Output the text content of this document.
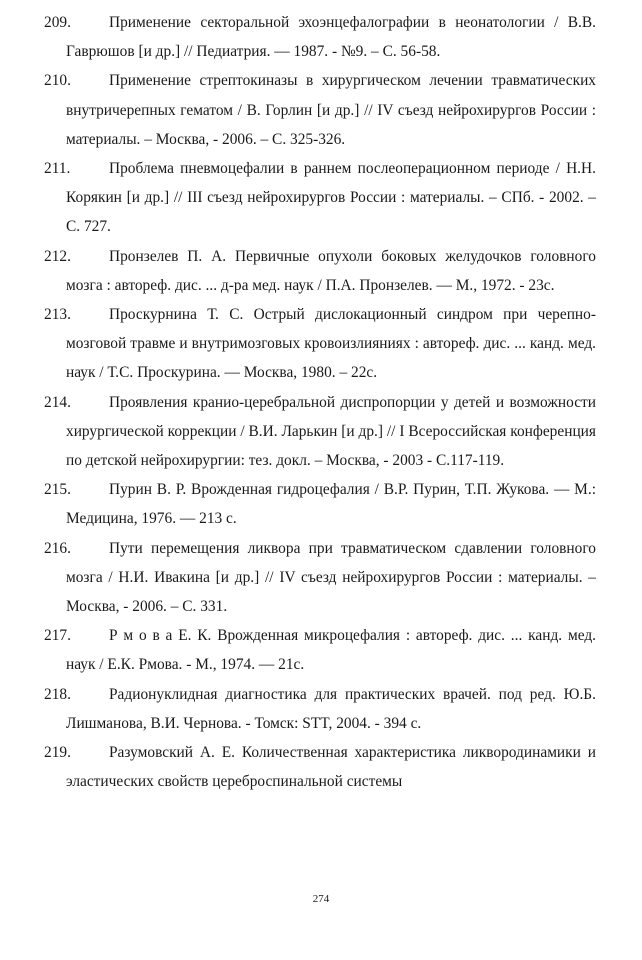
209.	Применение секторальной эхоэнцефалографии в неонатологии / В.В. Гаврюшов [и др.] // Педиатрия. — 1987. - №9. – С. 56-58.
210.	Применение стрептокиназы в хирургическом лечении травматических внутричерепных гематом / В. Горлин [и др.] // IV съезд нейрохирургов России : материалы. – Москва, - 2006. – С. 325-326.
211.	Проблема пневмоцефалии в раннем послеоперационном периоде / Н.Н. Корякин [и др.] // III съезд нейрохирургов России : материалы. – СПб. - 2002. – С. 727.
212.	Пронзелев П. А. Первичные опухоли боковых желудочков головного мозга : автореф. дис. ... д-ра мед. наук / П.А. Пронзелев. — М., 1972. - 23с.
213.	Проскурнина Т. С. Острый дислокационный синдром при черепно-мозговой травме и внутримозговых кровоизлияниях : автореф. дис. ... канд. мед. наук / Т.С. Проскурина. — Москва, 1980. – 22с.
214.	Проявления кранио-церебральной диспропорции у детей и возможности хирургической коррекции / В.И. Ларькин [и др.] // I Всероссийская конференция по детской нейрохирургии: тез. докл. – Москва, - 2003 - С.117-119.
215.	Пурин В. Р. Врожденная гидроцефалия / В.Р. Пурин, Т.П. Жукова. — М.: Медицина, 1976. — 213 с.
216.	Пути перемещения ликвора при травматическом сдавлении головного мозга / Н.И. Ивакина [и др.] // IV съезд нейрохирургов России : материалы. – Москва, - 2006. – С. 331.
217.	Р м о в а Е. К. Врожденная микроцефалия : автореф. дис. ... канд. мед. наук / Е.К. Рмова. - М., 1974. — 21с.
218.	Радионуклидная диагностика для практических врачей. под ред. Ю.Б. Лишманова, В.И. Чернова. - Томск: STT, 2004. - 394 с.
219.	Разумовский А. Е. Количественная характеристика ликвородинамики и эластических свойств цереброспинальной системы
274
